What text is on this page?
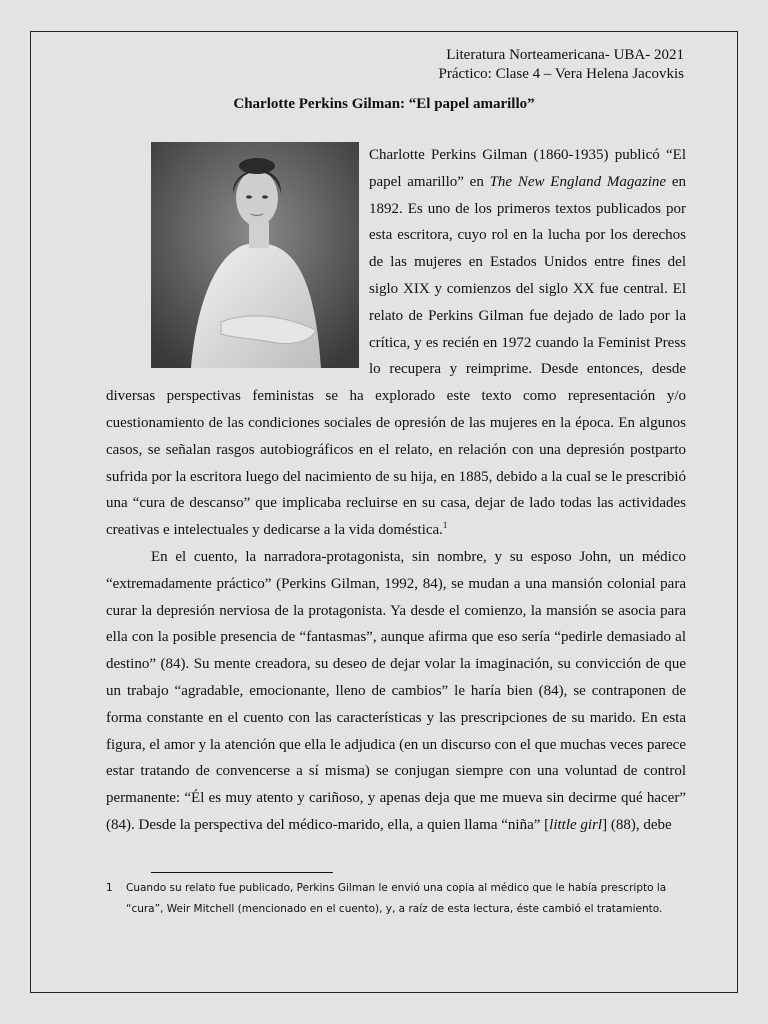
Literatura Norteamericana- UBA- 2021
Práctico: Clase 4 – Vera Helena Jacovkis
Charlotte Perkins Gilman: “El papel amarillo”

Charlotte Perkins Gilman (1860-1935) publicó “El papel amarillo” en The New England Magazine en 1892. Es uno de los primeros textos publicados por esta escritora, cuyo rol en la lucha por los derechos de las mujeres en Estados Unidos entre fines del siglo XIX y comienzos del siglo XX fue central. El relato de Perkins Gilman fue dejado de lado por la crítica, y es recién en 1972 cuando la Feminist Press lo recupera y reimprime. Desde entonces, desde diversas perspectivas feministas se ha explorado este texto como representación y/o cuestionamiento de las condiciones sociales de opresión de las mujeres en la época. En algunos casos, se señalan rasgos autobiográficos en el relato, en relación con una depresión postparto sufrida por la escritora luego del nacimiento de su hija, en 1885, debido a la cual se le prescribió una “cura de descanso” que implicaba recluirse en su casa, dejar de lado todas las actividades creativas e intelectuales y dedicarse a la vida doméstica.$^1$

En el cuento, la narradora-protagonista, sin nombre, y su esposo John, un médico “extremadamente práctico” (Perkins Gilman, 1992, 84), se mudan a una mansión colonial para curar la depresión nerviosa de la protagonista. Ya desde el comienzo, la mansión se asocia para ella con la posible presencia de “fantasmas”, aunque afirma que eso sería “pedirle demasiado al destino” (84). Su mente creadora, su deseo de dejar volar la imaginación, su convicción de que un trabajo “agradable, emocionante, lleno de cambios” le haría bien (84), se contraponen de forma constante en el cuento con las características y las prescripciones de su marido. En esta figura, el amor y la atención que ella le adjudica (en un discurso con el que muchas veces parece estar tratando de convencerse a sí misma) se conjugan siempre con una voluntad de control permanente: “Él es muy atento y cariñoso, y apenas deja que me mueva sin decirme qué hacer” (84). Desde la perspectiva del médico-marido, ella, a quien llama “niña” [little girl] (88), debe

1 Cuando su relato fue publicado, Perkins Gilman le envió una copia al médico que le había prescripto la “cura”, Weir Mitchell (mencionado en el cuento), y, a raíz de esta lectura, éste cambió el tratamiento.
